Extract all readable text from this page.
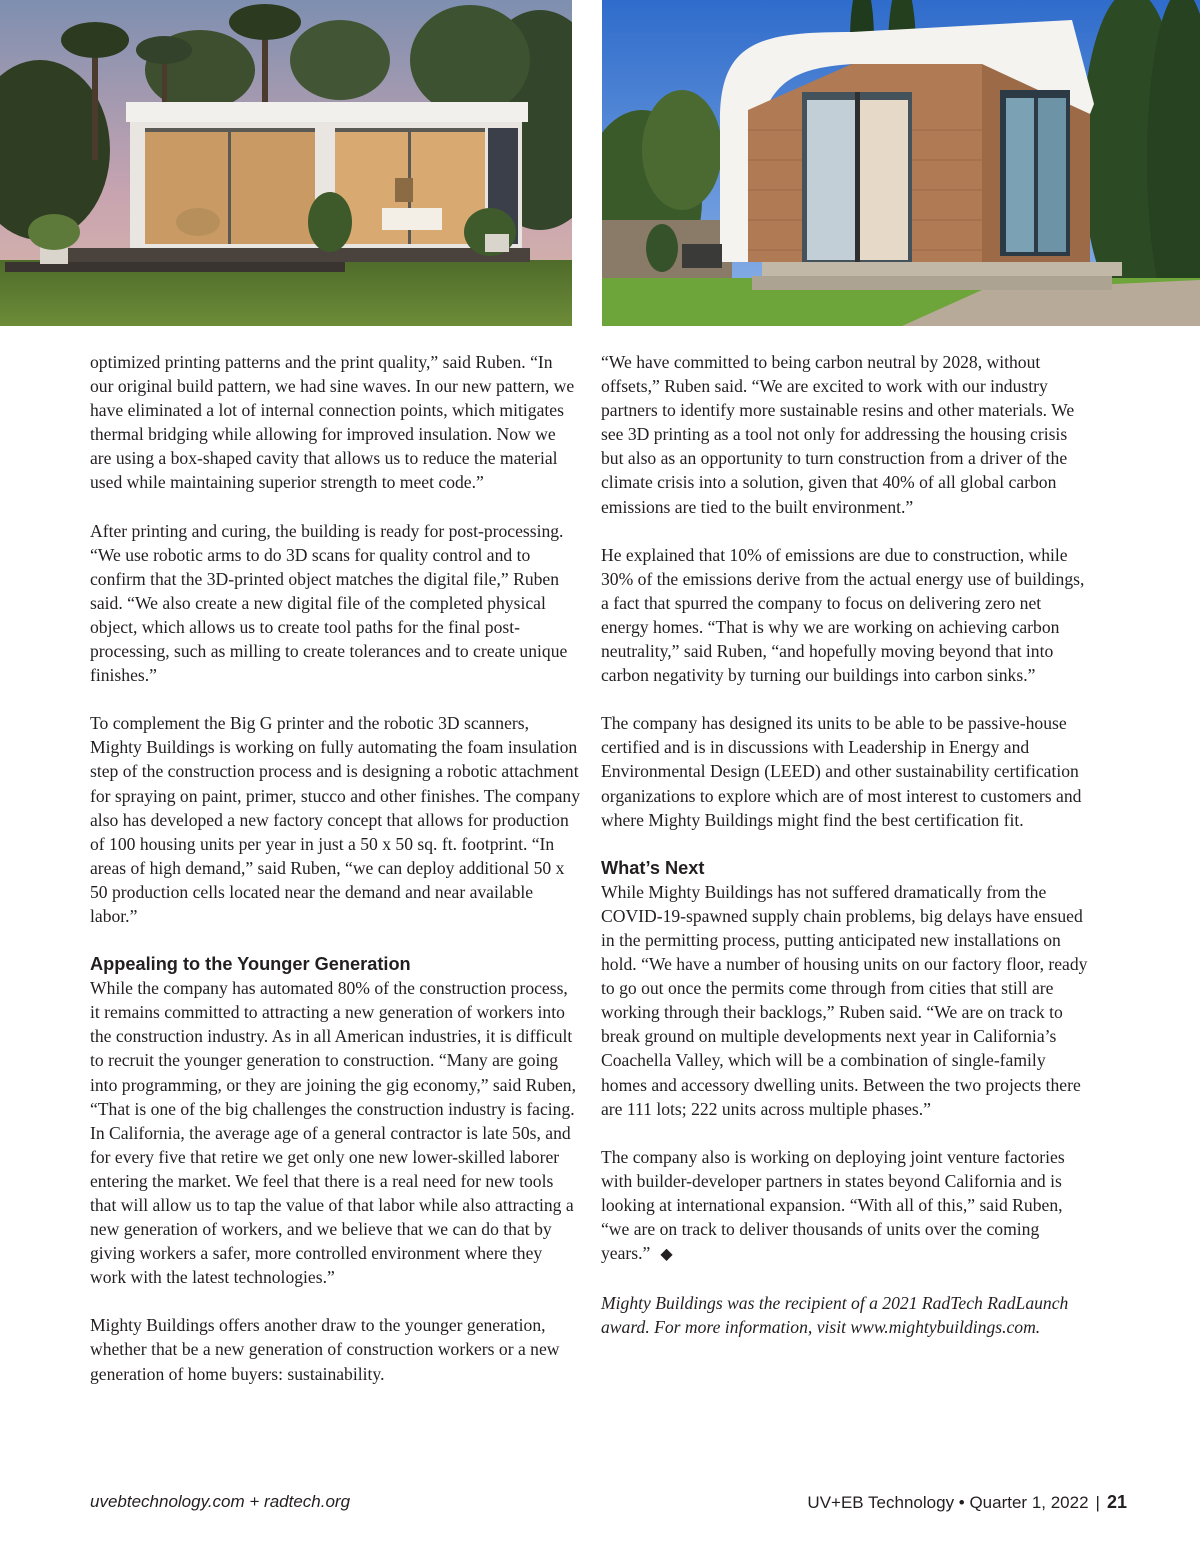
optimized printing patterns and the print quality,” said Ruben. “In our original build pattern, we had sine waves. In our new pattern, we have eliminated a lot of internal connection points, which mitigates thermal bridging while allowing for improved insulation. Now we are using a box-shaped cavity that allows us to reduce the material used while maintaining superior strength to meet code.”

After printing and curing, the building is ready for post-processing. “We use robotic arms to do 3D scans for quality control and to confirm that the 3D-printed object matches the digital file,” Ruben said. “We also create a new digital file of the completed physical object, which allows us to create tool paths for the final post-processing, such as milling to create tolerances and to create unique finishes.”

To complement the Big G printer and the robotic 3D scanners, Mighty Buildings is working on fully automating the foam insulation step of the construction process and is designing a robotic attachment for spraying on paint, primer, stucco and other finishes. The company also has developed a new factory concept that allows for production of 100 housing units per year in just a 50 x 50 sq. ft. footprint. “In areas of high demand,” said Ruben, “we can deploy additional 50 x 50 production cells located near the demand and near available labor.”

Appealing to the Younger Generation

While the company has automated 80% of the construction process, it remains committed to attracting a new generation of workers into the construction industry. As in all American industries, it is difficult to recruit the younger generation to construction. “Many are going into programming, or they are joining the gig economy,” said Ruben, “That is one of the big challenges the construction industry is facing. In California, the average age of a general contractor is late 50s, and for every five that retire we get only one new lower-skilled laborer entering the market. We feel that there is a real need for new tools that will allow us to tap the value of that labor while also attracting a new generation of workers, and we believe that we can do that by giving workers a safer, more controlled environment where they work with the latest technologies.”

Mighty Buildings offers another draw to the younger generation, whether that be a new generation of construction workers or a new generation of home buyers: sustainability.

“We have committed to being carbon neutral by 2028, without offsets,” Ruben said. “We are excited to work with our industry partners to identify more sustainable resins and other materials. We see 3D printing as a tool not only for addressing the housing crisis but also as an opportunity to turn construction from a driver of the climate crisis into a solution, given that 40% of all global carbon emissions are tied to the built environment.”

He explained that 10% of emissions are due to construction, while 30% of the emissions derive from the actual energy use of buildings, a fact that spurred the company to focus on delivering zero net energy homes. “That is why we are working on achieving carbon neutrality,” said Ruben, “and hopefully moving beyond that into carbon negativity by turning our buildings into carbon sinks.”

The company has designed its units to be able to be passive-house certified and is in discussions with Leadership in Energy and Environmental Design (LEED) and other sustainability certification organizations to explore which are of most interest to customers and where Mighty Buildings might find the best certification fit.

What’s Next

While Mighty Buildings has not suffered dramatically from the COVID-19-spawned supply chain problems, big delays have ensued in the permitting process, putting anticipated new installations on hold. “We have a number of housing units on our factory floor, ready to go out once the permits come through from cities that still are working through their backlogs,” Ruben said. “We are on track to break ground on multiple developments next year in California’s Coachella Valley, which will be a combination of single-family homes and accessory dwelling units. Between the two projects there are 111 lots; 222 units across multiple phases.”

The company also is working on deploying joint venture factories with builder-developer partners in states beyond California and is looking at international expansion. “With all of this,” said Ruben, “we are on track to deliver thousands of units over the coming years.” ◆

Mighty Buildings was the recipient of a 2021 RadTech RadLaunch award. For more information, visit www.mightybuildings.com.

uvebtechnology.com + radtech.org	UV+EB Technology • Quarter 1, 2022 | 21
